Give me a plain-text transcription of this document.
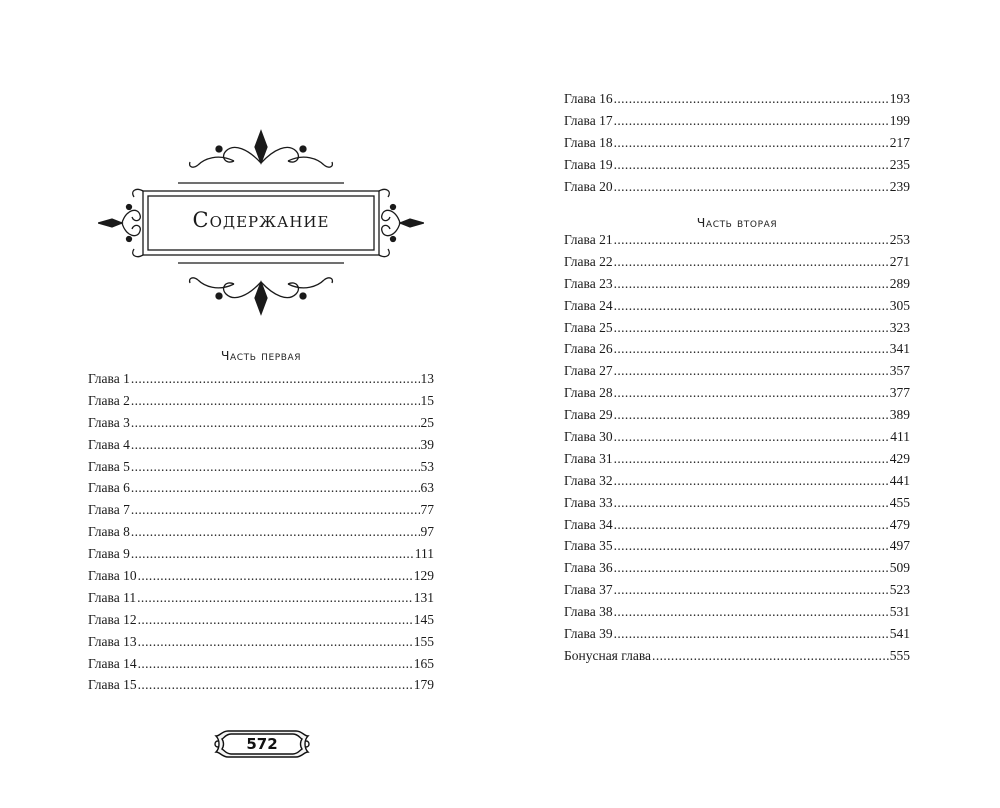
Содержание
Часть первая
Глава 1 .....	13
Глава 2 .....	15
Глава 3 .....	25
Глава 4 .....	39
Глава 5 .....	53
Глава 6 .....	63
Глава 7 .....	77
Глава 8 .....	97
Глава 9 .....	111
Глава 10 .....	129
Глава 11 .....	131
Глава 12 .....	145
Глава 13 .....	155
Глава 14 .....	165
Глава 15 .....	179
572
Глава 16 .....	193
Глава 17 .....	199
Глава 18 .....	217
Глава 19 .....	235
Глава 20 .....	239
Часть вторая
Глава 21 .....	253
Глава 22 .....	271
Глава 23 .....	289
Глава 24 .....	305
Глава 25 .....	323
Глава 26 .....	341
Глава 27 .....	357
Глава 28 .....	377
Глава 29 .....	389
Глава 30 .....	411
Глава 31 .....	429
Глава 32 .....	441
Глава 33 .....	455
Глава 34 .....	479
Глава 35 .....	497
Глава 36 .....	509
Глава 37 .....	523
Глава 38 .....	531
Глава 39 .....	541
Бонусная глава .....	555
